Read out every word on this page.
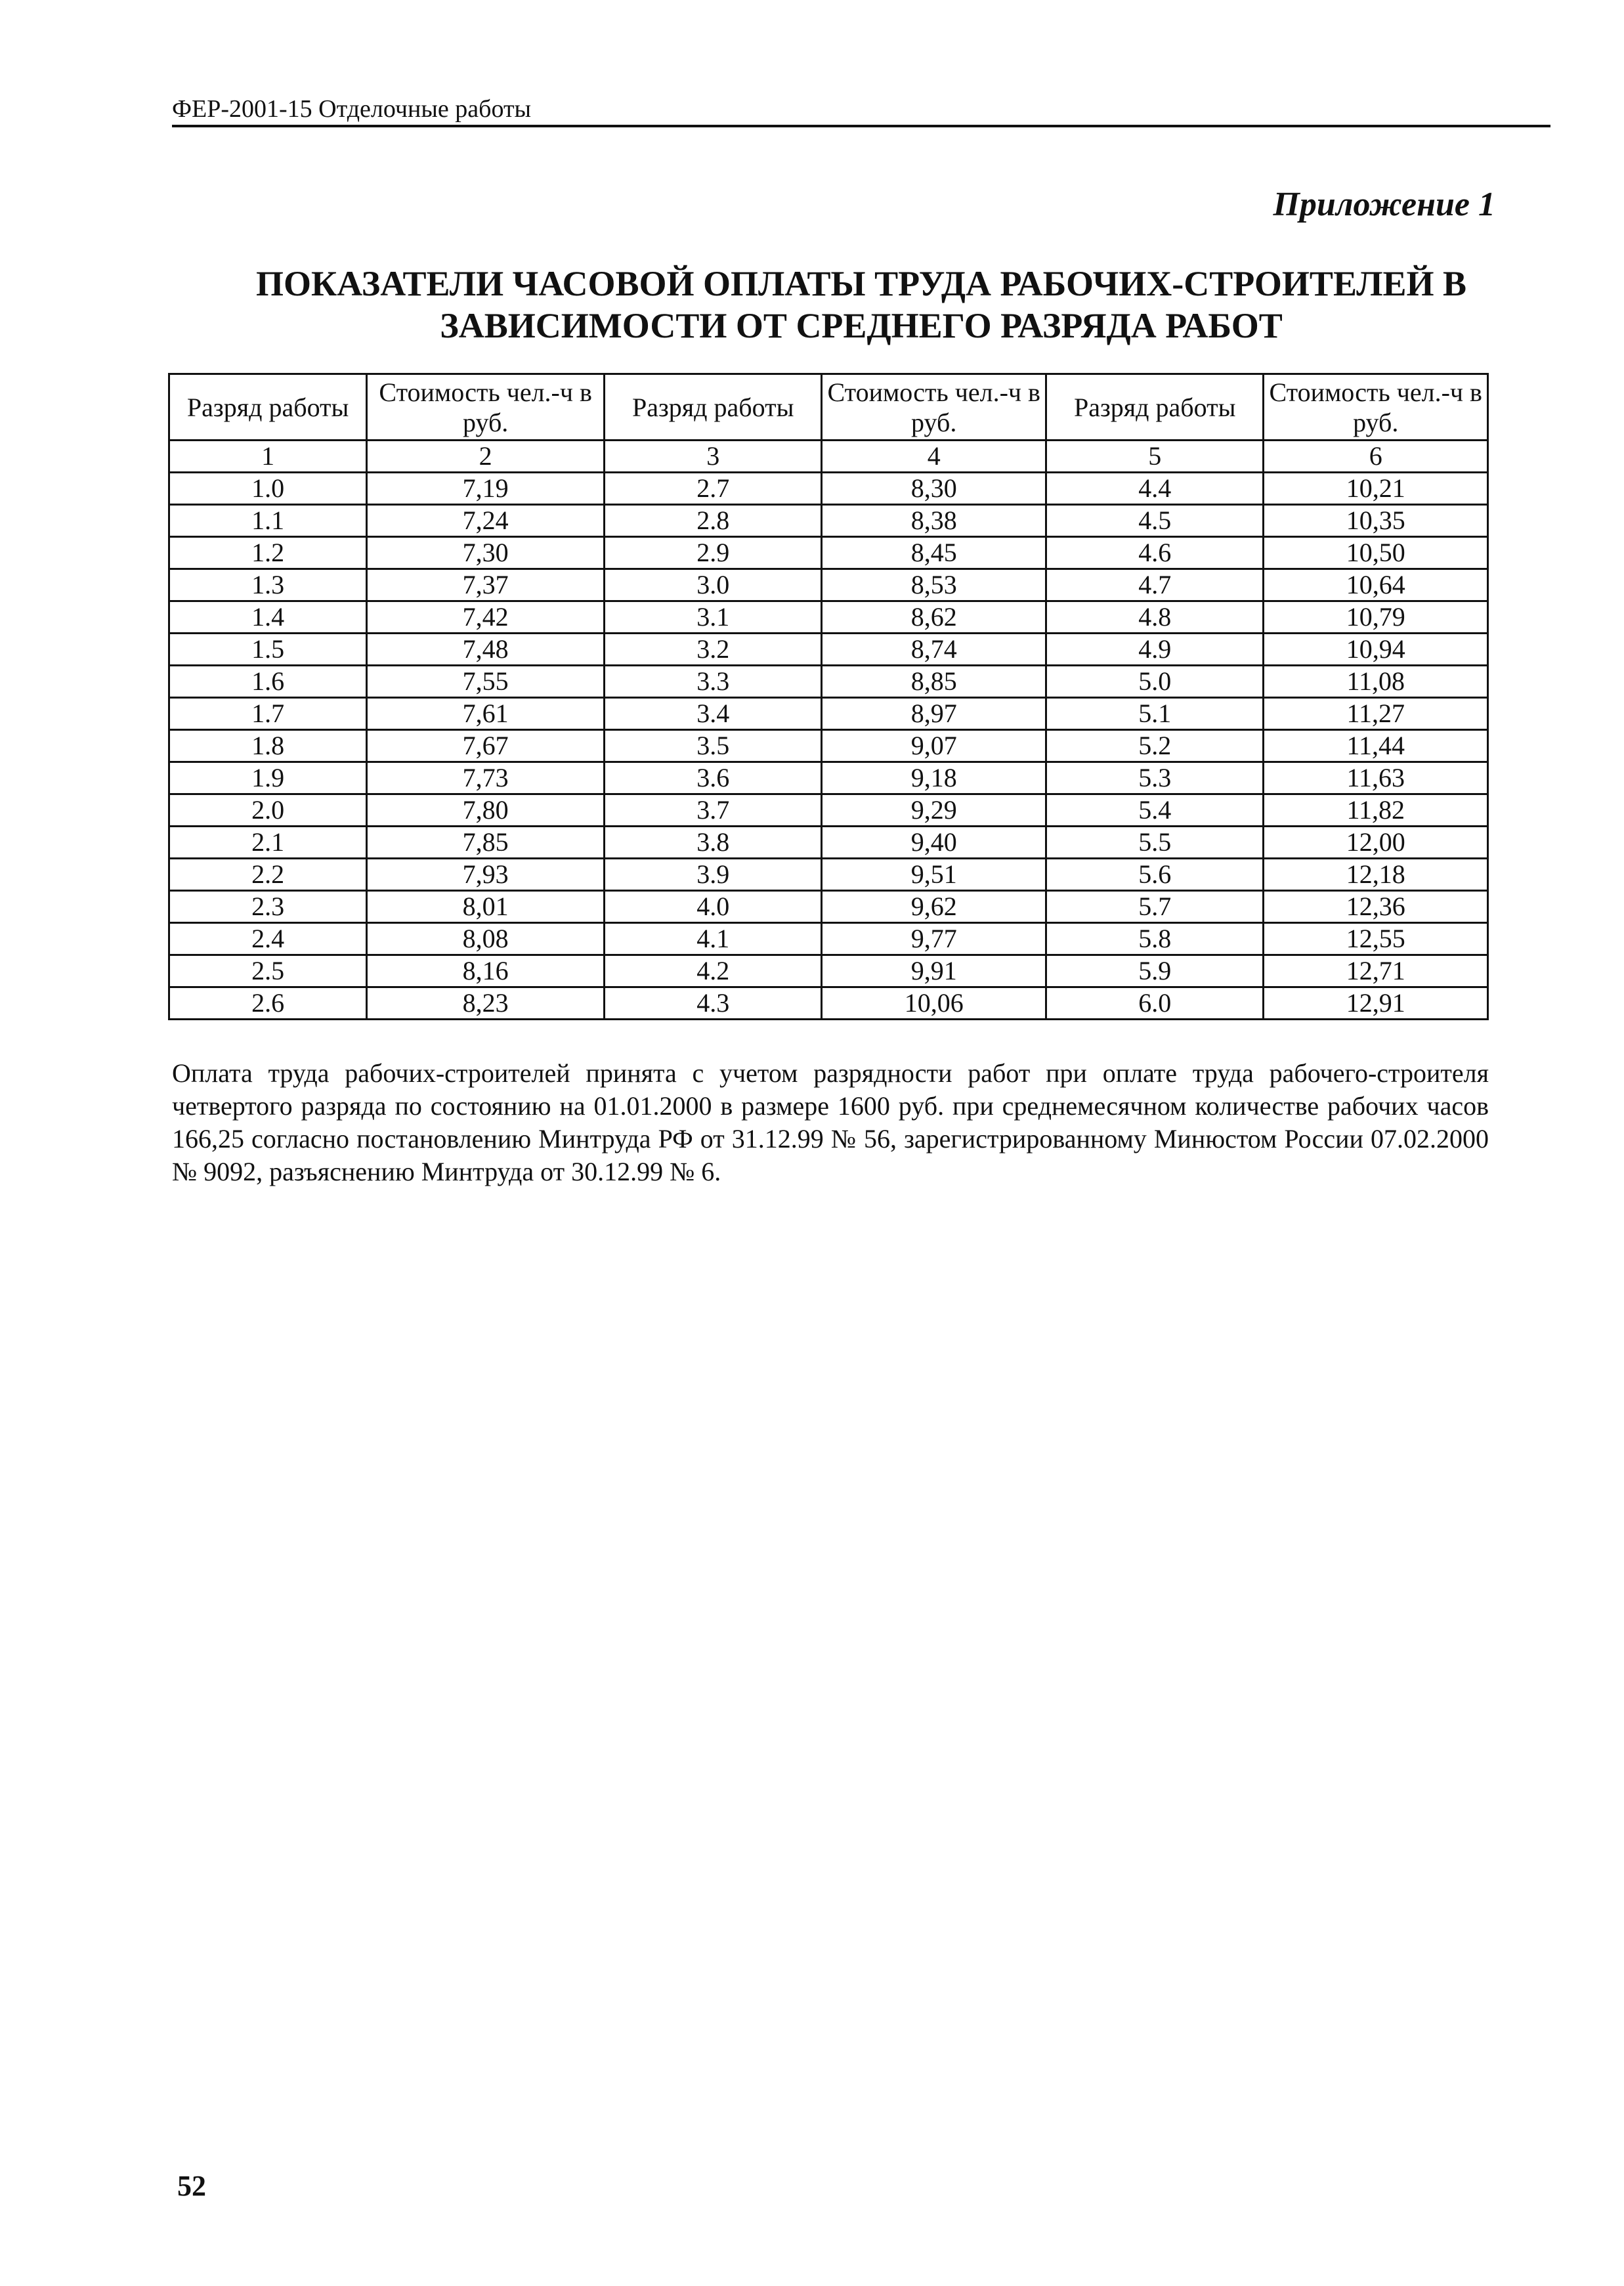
ФЕР-2001-15 Отделочные работы
Приложение 1
ПОКАЗАТЕЛИ ЧАСОВОЙ ОПЛАТЫ ТРУДА РАБОЧИХ-СТРОИТЕЛЕЙ В
ЗАВИСИМОСТИ ОТ СРЕДНЕГО РАЗРЯДА РАБОТ
Разряд работы	Стоимость чел.-ч в руб.	Разряд работы	Стоимость чел.-ч в руб.	Разряд работы	Стоимость чел.-ч в руб.
1	2	3	4	5	6
1.0	7,19	2.7	8,30	4.4	10,21
1.1	7,24	2.8	8,38	4.5	10,35
1.2	7,30	2.9	8,45	4.6	10,50
1.3	7,37	3.0	8,53	4.7	10,64
1.4	7,42	3.1	8,62	4.8	10,79
1.5	7,48	3.2	8,74	4.9	10,94
1.6	7,55	3.3	8,85	5.0	11,08
1.7	7,61	3.4	8,97	5.1	11,27
1.8	7,67	3.5	9,07	5.2	11,44
1.9	7,73	3.6	9,18	5.3	11,63
2.0	7,80	3.7	9,29	5.4	11,82
2.1	7,85	3.8	9,40	5.5	12,00
2.2	7,93	3.9	9,51	5.6	12,18
2.3	8,01	4.0	9,62	5.7	12,36
2.4	8,08	4.1	9,77	5.8	12,55
2.5	8,16	4.2	9,91	5.9	12,71
2.6	8,23	4.3	10,06	6.0	12,91
Оплата труда рабочих-строителей принята с учетом разрядности работ при оплате труда рабочего-строителя четвертого разряда по состоянию на 01.01.2000 в размере 1600 руб. при среднемесячном количестве рабочих часов 166,25 согласно постановлению Минтруда РФ от 31.12.99 № 56, зарегистрированному Минюстом России 07.02.2000 № 9092, разъяснению Минтруда от 30.12.99 № 6.
52
